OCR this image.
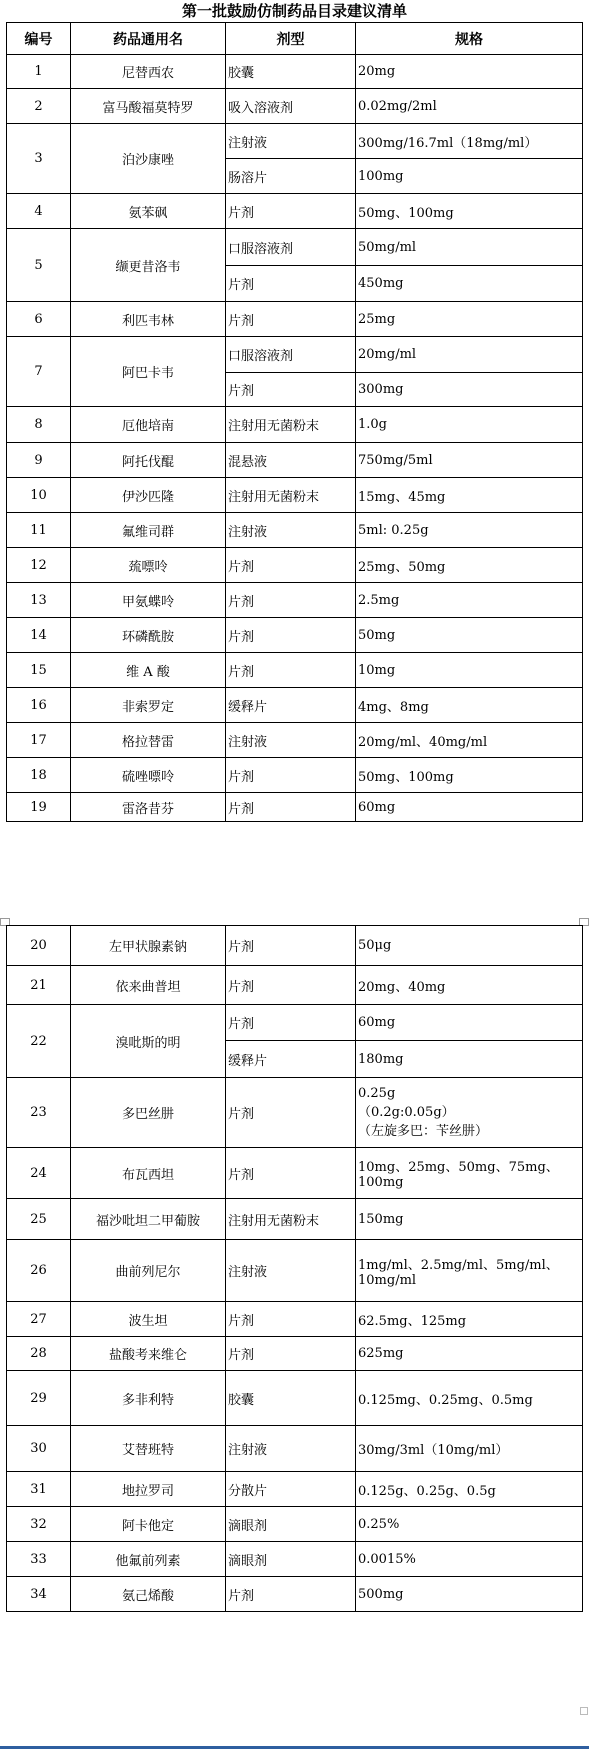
第一批鼓励仿制药品目录建议清单
编号	药品通用名	剂型	规格
1	尼替西农	胶囊	20mg
2	富马酸福莫特罗	吸入溶液剂	0.02mg/2ml
3	泊沙康唑	注射液	300mg/16.7ml（18mg/ml）
		肠溶片	100mg
4	氨苯砜	片剂	50mg、100mg
5	缬更昔洛韦	口服溶液剂	50mg/ml
		片剂	450mg
6	利匹韦林	片剂	25mg
7	阿巴卡韦	口服溶液剂	20mg/ml
		片剂	300mg
8	厄他培南	注射用无菌粉末	1.0g
9	阿托伐醌	混悬液	750mg/5ml
10	伊沙匹隆	注射用无菌粉末	15mg、45mg
11	氟维司群	注射液	5ml: 0.25g
12	巯嘌呤	片剂	25mg、50mg
13	甲氨蝶呤	片剂	2.5mg
14	环磷酰胺	片剂	50mg
15	维 A 酸	片剂	10mg
16	非索罗定	缓释片	4mg、8mg
17	格拉替雷	注射液	20mg/ml、40mg/ml
18	硫唑嘌呤	片剂	50mg、100mg
19	雷洛昔芬	片剂	60mg
20	左甲状腺素钠	片剂	50μg
21	依来曲普坦	片剂	20mg、40mg
22	溴吡斯的明	片剂	60mg
		缓释片	180mg
23	多巴丝肼	片剂	0.25g
（0.2g:0.05g）
（左旋多巴：苄丝肼）
24	布瓦西坦	片剂	10mg、25mg、50mg、75mg、100mg
25	福沙吡坦二甲葡胺	注射用无菌粉末	150mg
26	曲前列尼尔	注射液	1mg/ml、2.5mg/ml、5mg/ml、10mg/ml
27	波生坦	片剂	62.5mg、125mg
28	盐酸考来维仑	片剂	625mg
29	多非利特	胶囊	0.125mg、0.25mg、0.5mg
30	艾替班特	注射液	30mg/3ml（10mg/ml）
31	地拉罗司	分散片	0.125g、0.25g、0.5g
32	阿卡他定	滴眼剂	0.25%
33	他氟前列素	滴眼剂	0.0015%
34	氨己烯酸	片剂	500mg
